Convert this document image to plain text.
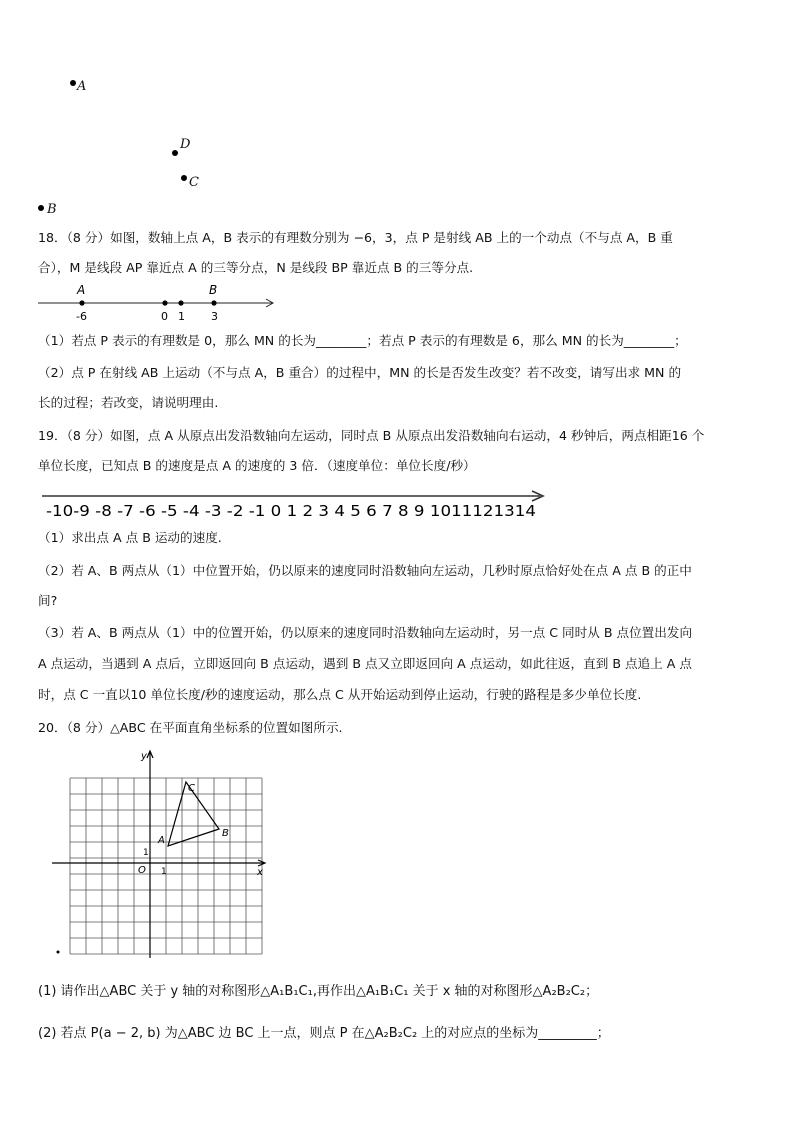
A
D
C
B
18．（8 分）如图，数轴上点 A，B 表示的有理数分别为 −6，3，点 P 是射线 AB 上的一个动点（不与点 A，B 重
合），M 是线段 AP 靠近点 A 的三等分点，N 是线段 BP 靠近点 B 的三等分点.
A	B
-6	0 1 3
（1）若点 P 表示的有理数是 0，那么 MN 的长为________；若点 P 表示的有理数是 6，那么 MN 的长为________；
（2）点 P 在射线 AB 上运动（不与点 A，B 重合）的过程中，MN 的长是否发生改变？若不改变，请写出求 MN 的
长的过程；若改变，请说明理由.
19．（8 分）如图，点 A 从原点出发沿数轴向左运动，同时点 B 从原点出发沿数轴向右运动，4 秒钟后，两点相距16 个
单位长度，已知点 B 的速度是点 A 的速度的 3 倍．（速度单位：单位长度/秒）
-10-9 -8 -7 -6 -5 -4 -3 -2 -1 0 1 2 3 4 5 6 7 8 9 1011121314
（1）求出点 A 点 B 运动的速度.
（2）若 A、B 两点从（1）中位置开始，仍以原来的速度同时沿数轴向左运动，几秒时原点恰好处在点 A 点 B 的正中
间?
（3）若 A、B 两点从（1）中的位置开始，仍以原来的速度同时沿数轴向左运动时，另一点 C 同时从 B 点位置出发向
A 点运动，当遇到 A 点后，立即返回向 B 点运动，遇到 B 点又立即返回向 A 点运动，如此往返，直到 B 点追上 A 点
时，点 C 一直以10 单位长度/秒的速度运动，那么点 C 从开始运动到停止运动，行驶的路程是多少单位长度.
20．（8 分）△ABC 在平面直角坐标系的位置如图所示.
y
x
O 1
1
A
B
C
(1) 请作出△ABC 关于 y 轴的对称图形△A₁B₁C₁,再作出△A₁B₁C₁ 关于 x 轴的对称图形△A₂B₂C₂；
(2) 若点 P(a − 2, b) 为△ABC 边 BC 上一点，则点 P 在△A₂B₂C₂ 上的对应点的坐标为_________；
